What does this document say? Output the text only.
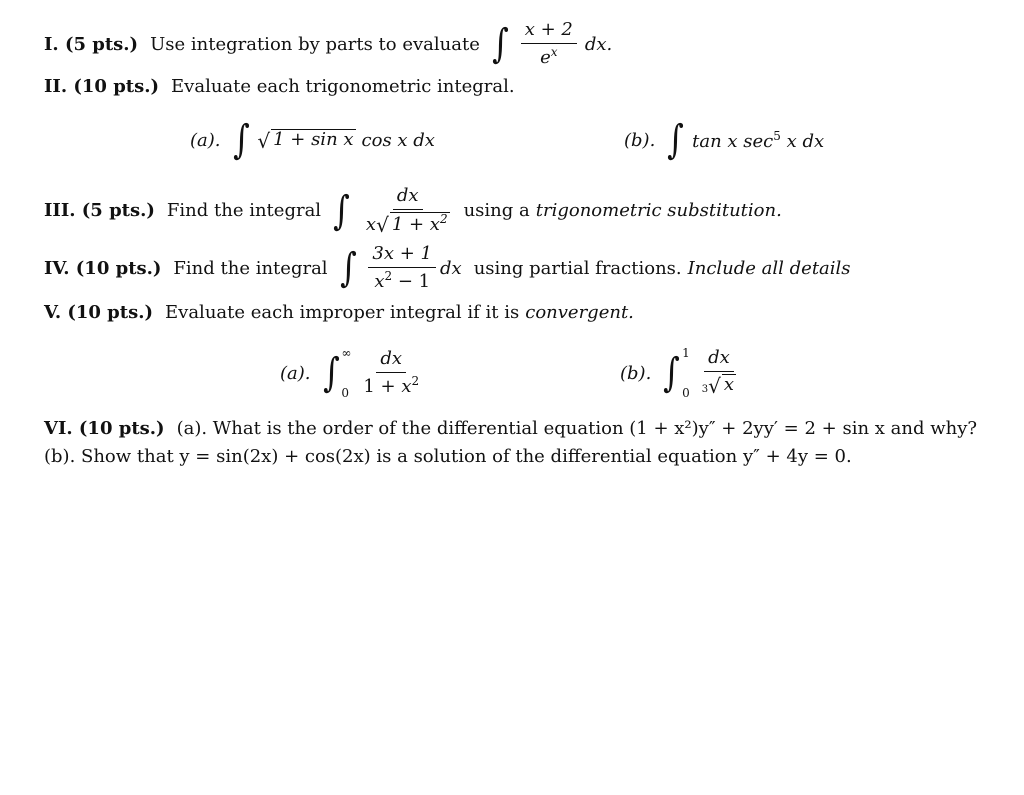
I. (5 pts.) Use integration by parts to evaluate ∫ $\frac{x + 2}{e^x}$ dx.
II. (10 pts.) Evaluate each trigonometric integral.
(a). ∫ √ 1 + sin x cos x dx	(b). ∫ tan x $\sec^5 x$ dx
III. (5 pts.) Find the integral ∫ $\frac{dx}{x √ 1 + x^2}$ using a trigonometric substitution.
IV. (10 pts.) Find the integral ∫ $\frac{3x + 1}{x^2 - 1}$ dx using partial fractions. Include all details
V. (10 pts.) Evaluate each improper integral if it is convergent.
(a). ∫ ∞
$0 \frac{dx}{1 + x^2}$	(b). ∫ 1
$0 \frac{dx}{3 √ x}$
VI. (10 pts.) (a). What is the order of the differential equation (1 + x²)y″ + 2yy′ = 2 + sin x and why?
(b). Show that y = sin(2x) + cos(2x) is a solution of the differential equation y″ + 4y = 0.
